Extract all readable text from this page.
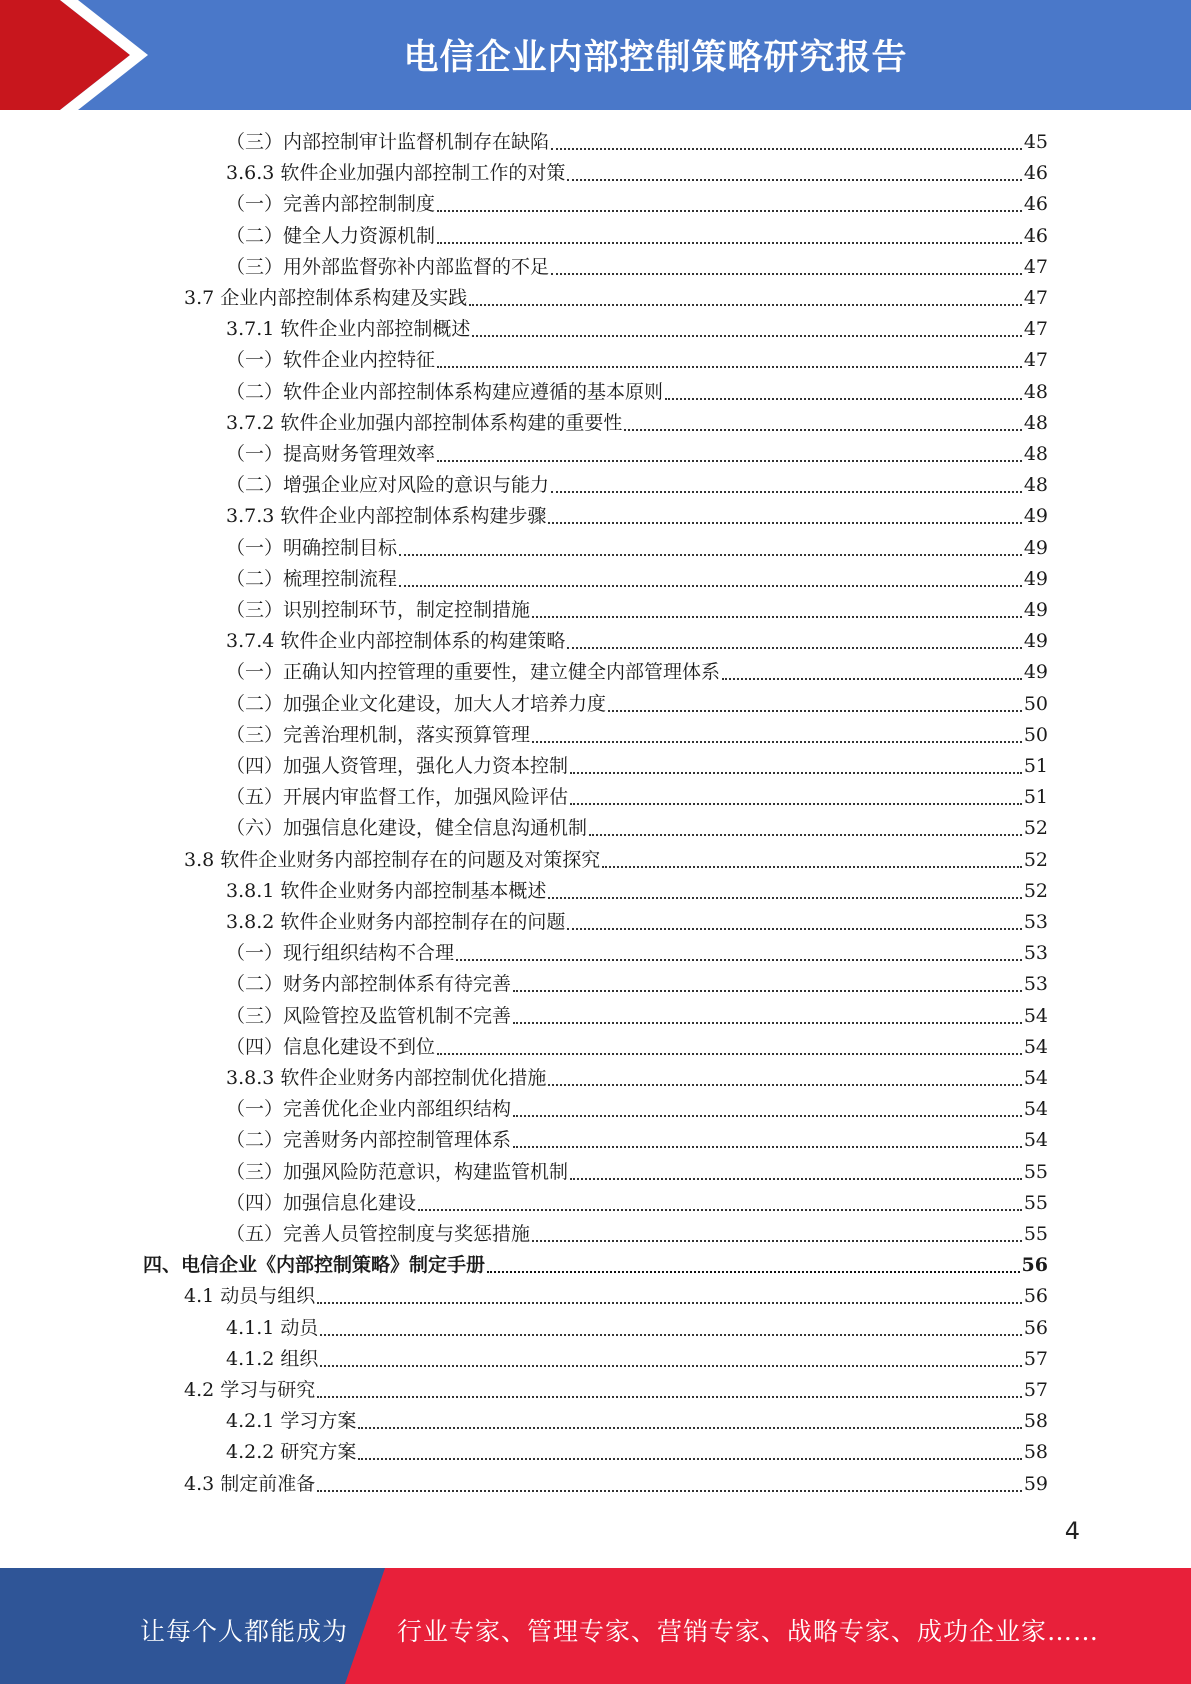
电信企业内部控制策略研究报告
（三）内部控制审计监督机制存在缺陷	45
3.6.3 软件企业加强内部控制工作的对策	46
（一）完善内部控制制度	46
（二）健全人力资源机制	46
（三）用外部监督弥补内部监督的不足	47
3.7 企业内部控制体系构建及实践	47
3.7.1 软件企业内部控制概述	47
（一）软件企业内控特征	47
（二）软件企业内部控制体系构建应遵循的基本原则	48
3.7.2 软件企业加强内部控制体系构建的重要性	48
（一）提高财务管理效率	48
（二）增强企业应对风险的意识与能力	48
3.7.3 软件企业内部控制体系构建步骤	49
（一）明确控制目标	49
（二）梳理控制流程	49
（三）识别控制环节，制定控制措施	49
3.7.4 软件企业内部控制体系的构建策略	49
（一）正确认知内控管理的重要性，建立健全内部管理体系	49
（二）加强企业文化建设，加大人才培养力度	50
（三）完善治理机制，落实预算管理	50
（四）加强人资管理，强化人力资本控制	51
（五）开展内审监督工作，加强风险评估	51
（六）加强信息化建设，健全信息沟通机制	52
3.8 软件企业财务内部控制存在的问题及对策探究	52
3.8.1 软件企业财务内部控制基本概述	52
3.8.2 软件企业财务内部控制存在的问题	53
（一）现行组织结构不合理	53
（二）财务内部控制体系有待完善	53
（三）风险管控及监管机制不完善	54
（四）信息化建设不到位	54
3.8.3 软件企业财务内部控制优化措施	54
（一）完善优化企业内部组织结构	54
（二）完善财务内部控制管理体系	54
（三）加强风险防范意识，构建监管机制	55
（四）加强信息化建设	55
（五）完善人员管控制度与奖惩措施	55
四、电信企业《内部控制策略》制定手册	56
4.1 动员与组织	56
4.1.1 动员	56
4.1.2 组织	57
4.2 学习与研究	57
4.2.1 学习方案	58
4.2.2 研究方案	58
4.3 制定前准备	59
4
让每个人都能成为 行业专家、管理专家、营销专家、战略专家、成功企业家……
